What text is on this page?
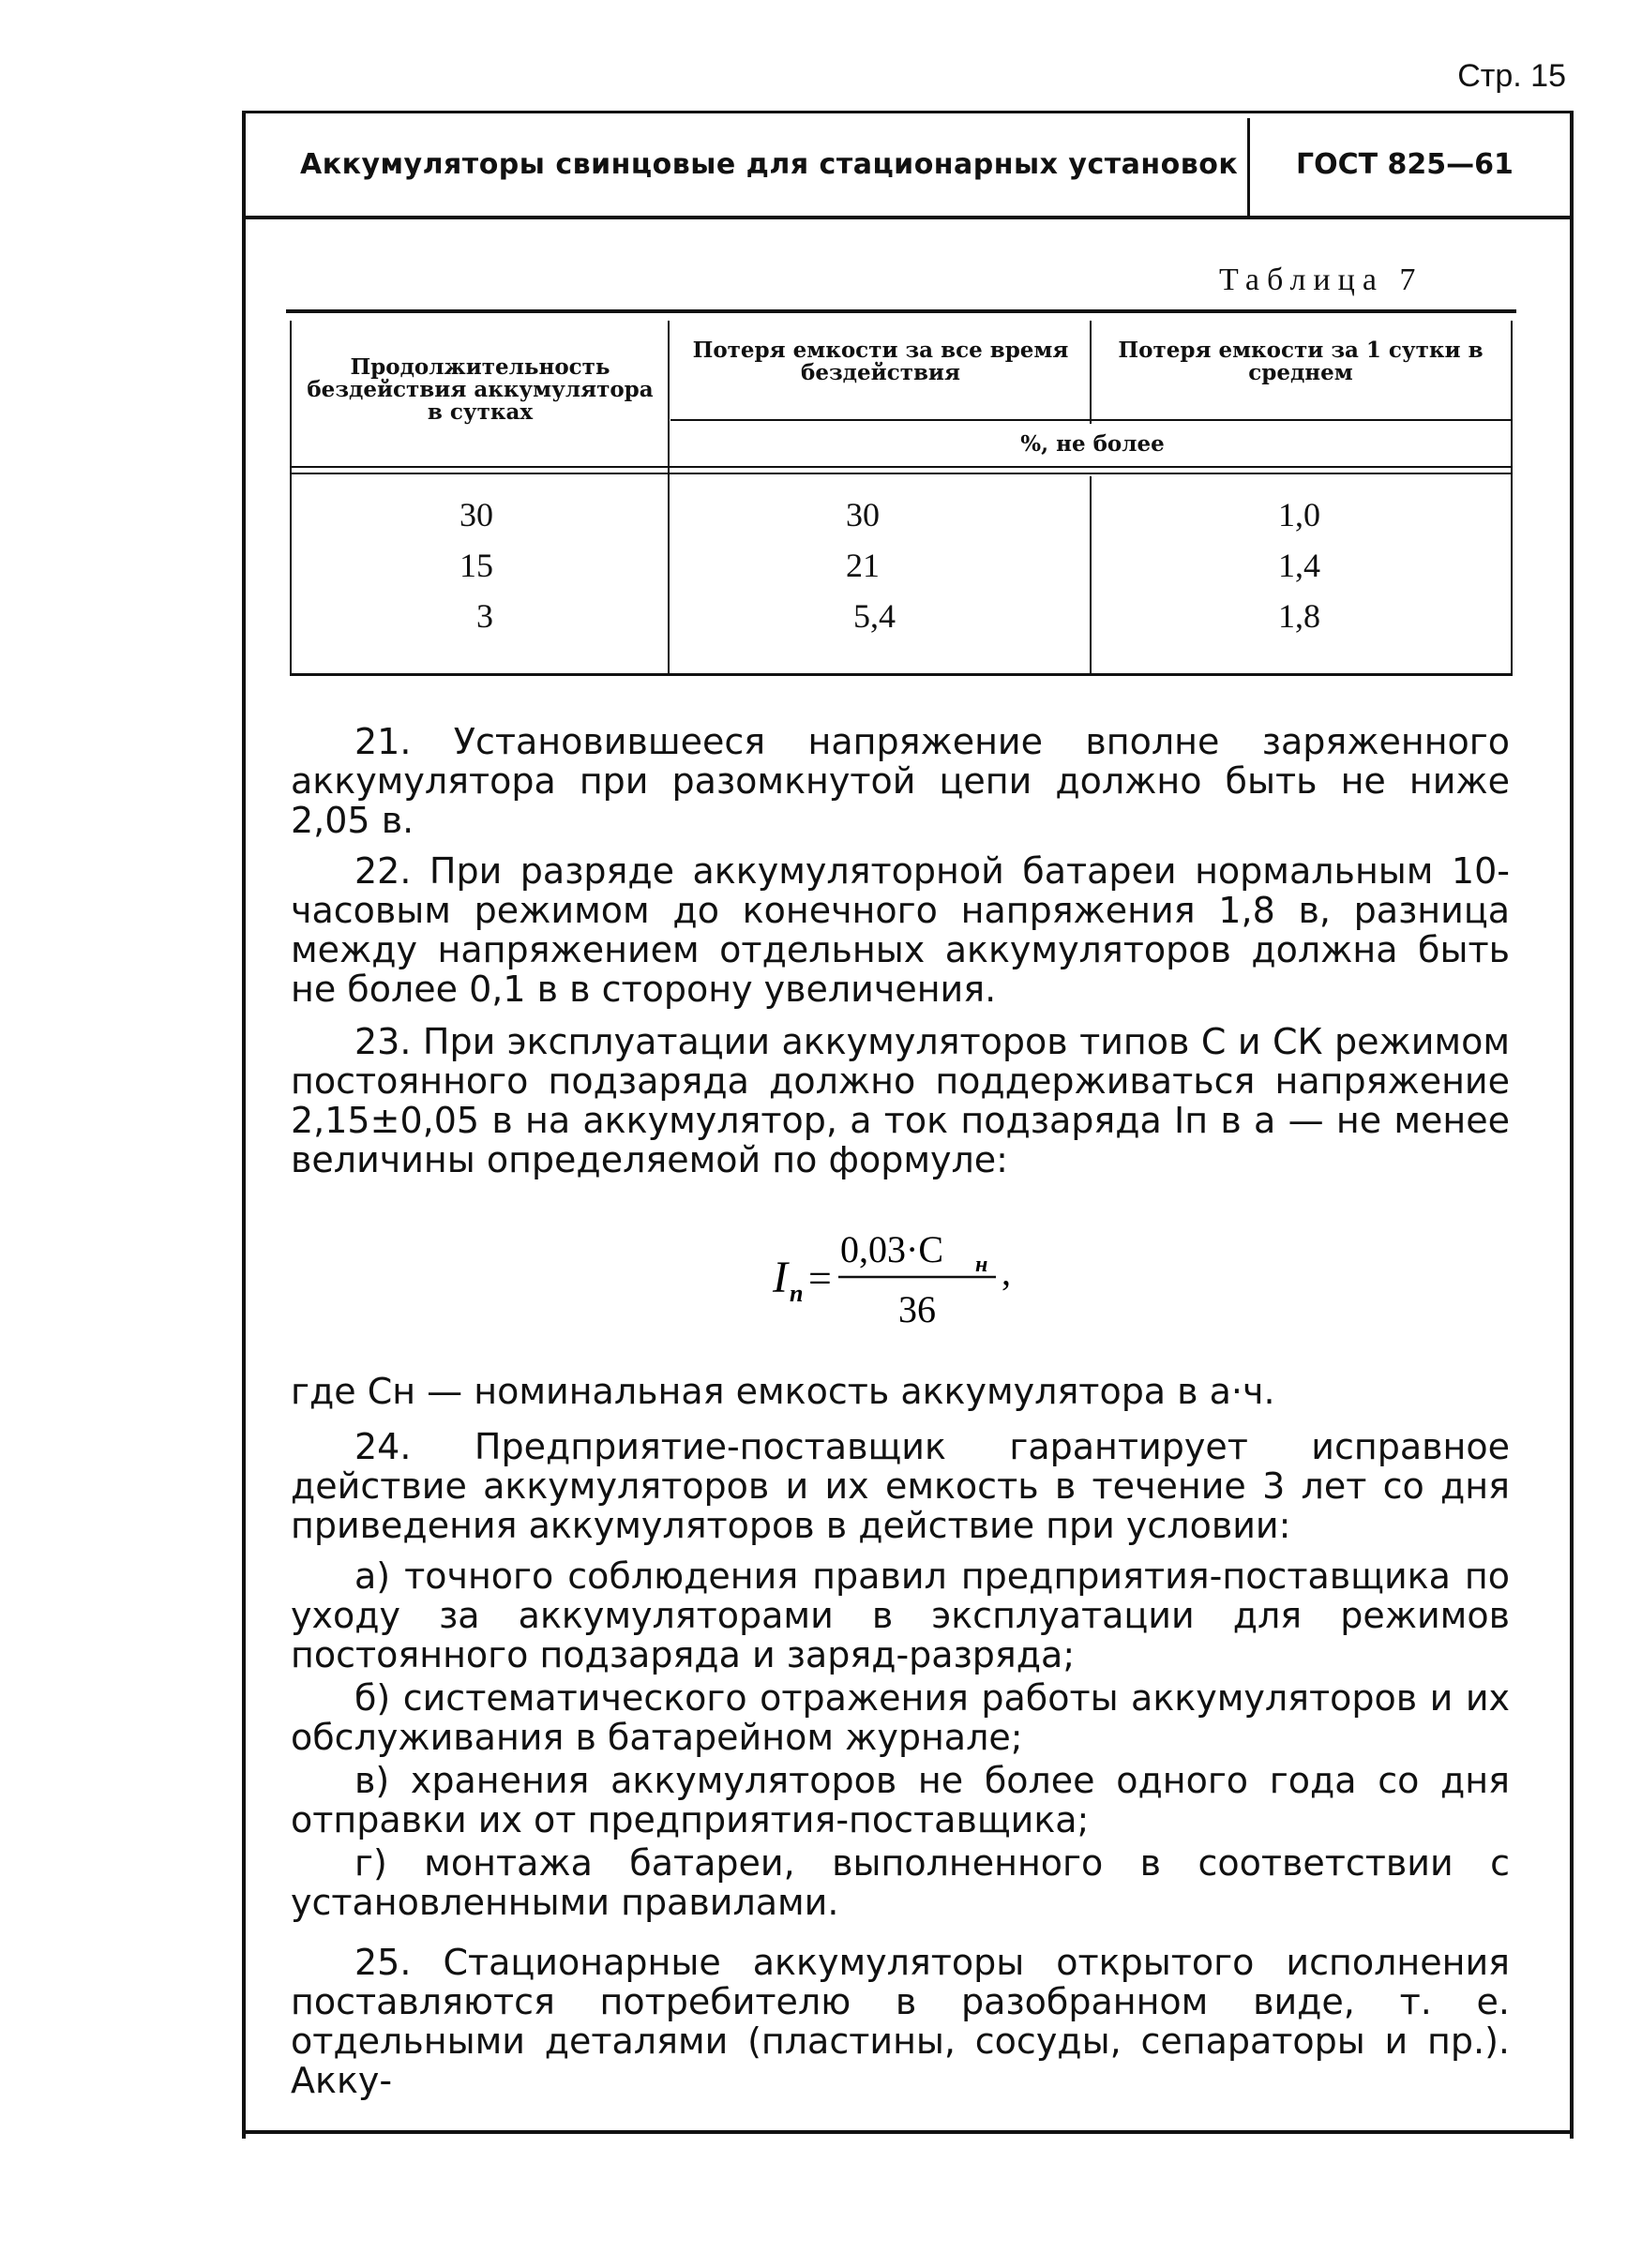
Стр. 15
Аккумуляторы свинцовые для стационарных установок ГОСТ 825—61
Таблица 7
Продолжительность бездействия аккумулятора в сутках
Потеря емкости за все время бездействия
Потеря емкости за 1 сутки в среднем
%, не более
30	30	1,0
15	21	1,4
3	5,4	1,8

21. Установившееся напряжение вполне заряженного аккумулятора при разомкнутой цепи должно быть не ниже 2,05 в.

22. При разряде аккумуляторной батареи нормальным 10-часовым режимом до конечного напряжения 1,8 в, разница между напряжением отдельных аккумуляторов должна быть не более 0,1 в в сторону увеличения.

23. При эксплуатации аккумуляторов типов С и СК режимом постоянного подзаряда должно поддерживаться напряжение 2,15±0,05 в на аккумулятор, а ток подзаряда Iп в а — не менее величины определяемой по формуле:

I п =
0,03·C н
36
,
где Cн — номинальная емкость аккумулятора в а·ч.

24. Предприятие-поставщик гарантирует исправное действие аккумуляторов и их емкость в течение 3 лет со дня приведения аккумуляторов в действие при условии:

а) точного соблюдения правил предприятия-поставщика по уходу за аккумуляторами в эксплуатации для режимов постоянного подзаряда и заряд-разряда;

б) систематического отражения работы аккумуляторов и их обслуживания в батарейном журнале;

в) хранения аккумуляторов не более одного года со дня отправки их от предприятия-поставщика;

г) монтажа батареи, выполненного в соответствии с установленными правилами.

25. Стационарные аккумуляторы открытого исполнения поставляются потребителю в разобранном виде, т. е. отдельными деталями (пластины, сосуды, сепараторы и пр.). Акку-
